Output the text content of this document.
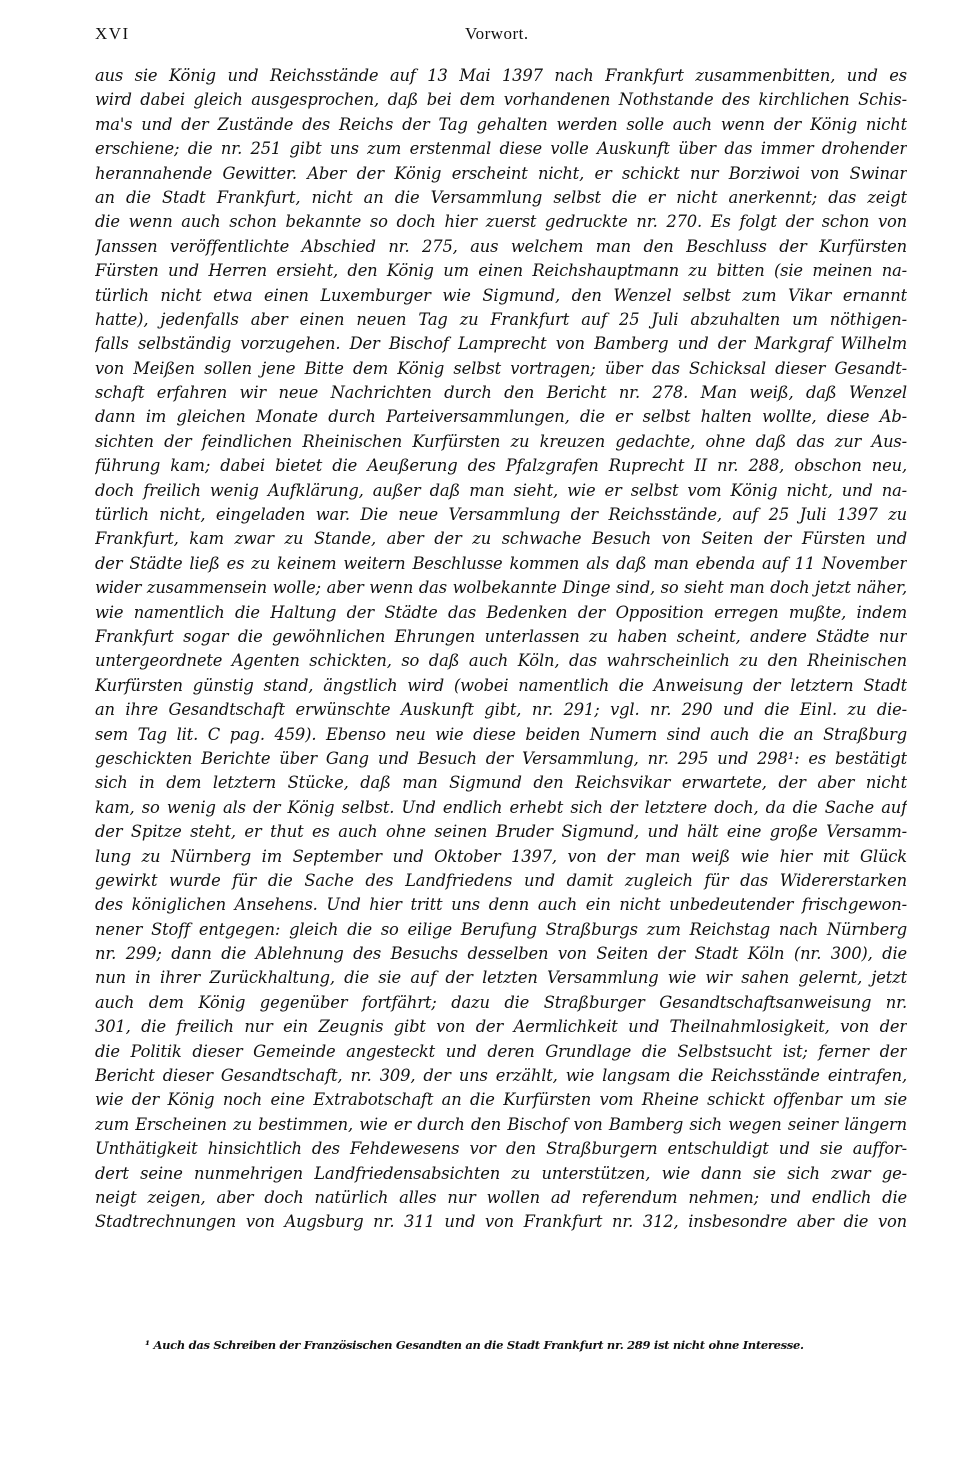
XVI	Vorwort.
aus sie König und Reichsstände auf 13 Mai 1397 nach Frankfurt zusammenbitten, und es
wird dabei gleich ausgesprochen, daß bei dem vorhandenen Nothstande des kirchlichen Schis-
ma's und der Zustände des Reichs der Tag gehalten werden solle auch wenn der König nicht
erschiene; die nr. 251 gibt uns zum erstenmal diese volle Auskunft über das immer drohender
herannahende Gewitter. Aber der König erscheint nicht, er schickt nur Borziwoi von Swinar
an die Stadt Frankfurt, nicht an die Versammlung selbst die er nicht anerkennt; das zeigt
die wenn auch schon bekannte so doch hier zuerst gedruckte nr. 270. Es folgt der schon von
Janssen veröffentlichte Abschied nr. 275, aus welchem man den Beschluss der Kurfürsten
Fürsten und Herren ersieht, den König um einen Reichshauptmann zu bitten (sie meinen na-
türlich nicht etwa einen Luxemburger wie Sigmund, den Wenzel selbst zum Vikar ernannt
hatte), jedenfalls aber einen neuen Tag zu Frankfurt auf 25 Juli abzuhalten um nöthigen-
falls selbständig vorzugehen. Der Bischof Lamprecht von Bamberg und der Markgraf Wilhelm
von Meißen sollen jene Bitte dem König selbst vortragen; über das Schicksal dieser Gesandt-
schaft erfahren wir neue Nachrichten durch den Bericht nr. 278. Man weiß, daß Wenzel
dann im gleichen Monate durch Parteiversammlungen, die er selbst halten wollte, diese Ab-
sichten der feindlichen Rheinischen Kurfürsten zu kreuzen gedachte, ohne daß das zur Aus-
führung kam; dabei bietet die Aeußerung des Pfalzgrafen Ruprecht II nr. 288, obschon neu,
doch freilich wenig Aufklärung, außer daß man sieht, wie er selbst vom König nicht, und na-
türlich nicht, eingeladen war. Die neue Versammlung der Reichsstände, auf 25 Juli 1397 zu
Frankfurt, kam zwar zu Stande, aber der zu schwache Besuch von Seiten der Fürsten und
der Städte ließ es zu keinem weitern Beschlusse kommen als daß man ebenda auf 11 November
wider zusammensein wolle; aber wenn das wolbekannte Dinge sind, so sieht man doch jetzt näher,
wie namentlich die Haltung der Städte das Bedenken der Opposition erregen mußte, indem
Frankfurt sogar die gewöhnlichen Ehrungen unterlassen zu haben scheint, andere Städte nur
untergeordnete Agenten schickten, so daß auch Köln, das wahrscheinlich zu den Rheinischen
Kurfürsten günstig stand, ängstlich wird (wobei namentlich die Anweisung der letztern Stadt
an ihre Gesandtschaft erwünschte Auskunft gibt, nr. 291; vgl. nr. 290 und die Einl. zu die-
sem Tag lit. C pag. 459). Ebenso neu wie diese beiden Numern sind auch die an Straßburg
geschickten Berichte über Gang und Besuch der Versammlung, nr. 295 und 298¹: es bestätigt
sich in dem letztern Stücke, daß man Sigmund den Reichsvikar erwartete, der aber nicht
kam, so wenig als der König selbst. Und endlich erhebt sich der letztere doch, da die Sache auf
der Spitze steht, er thut es auch ohne seinen Bruder Sigmund, und hält eine große Versamm-
lung zu Nürnberg im September und Oktober 1397, von der man weiß wie hier mit Glück
gewirkt wurde für die Sache des Landfriedens und damit zugleich für das Widererstarken
des königlichen Ansehens. Und hier tritt uns denn auch ein nicht unbedeutender frischgewon-
nener Stoff entgegen: gleich die so eilige Berufung Straßburgs zum Reichstag nach Nürnberg
nr. 299; dann die Ablehnung des Besuchs desselben von Seiten der Stadt Köln (nr. 300), die
nun in ihrer Zurückhaltung, die sie auf der letzten Versammlung wie wir sahen gelernt, jetzt
auch dem König gegenüber fortfährt; dazu die Straßburger Gesandtschaftsanweisung nr.
301, die freilich nur ein Zeugnis gibt von der Aermlichkeit und Theilnahmlosigkeit, von der
die Politik dieser Gemeinde angesteckt und deren Grundlage die Selbstsucht ist; ferner der
Bericht dieser Gesandtschaft, nr. 309, der uns erzählt, wie langsam die Reichsstände eintrafen,
wie der König noch eine Extrabotschaft an die Kurfürsten vom Rheine schickt offenbar um sie
zum Erscheinen zu bestimmen, wie er durch den Bischof von Bamberg sich wegen seiner längern
Unthätigkeit hinsichtlich des Fehdewesens vor den Straßburgern entschuldigt und sie auffor-
dert seine nunmehrigen Landfriedensabsichten zu unterstützen, wie dann sie sich zwar ge-
neigt zeigen, aber doch natürlich alles nur wollen ad referendum nehmen; und endlich die
Stadtrechnungen von Augsburg nr. 311 und von Frankfurt nr. 312, insbesondre aber die von
¹ Auch das Schreiben der Französischen Gesandten an die Stadt Frankfurt nr. 289 ist nicht ohne Interesse.
